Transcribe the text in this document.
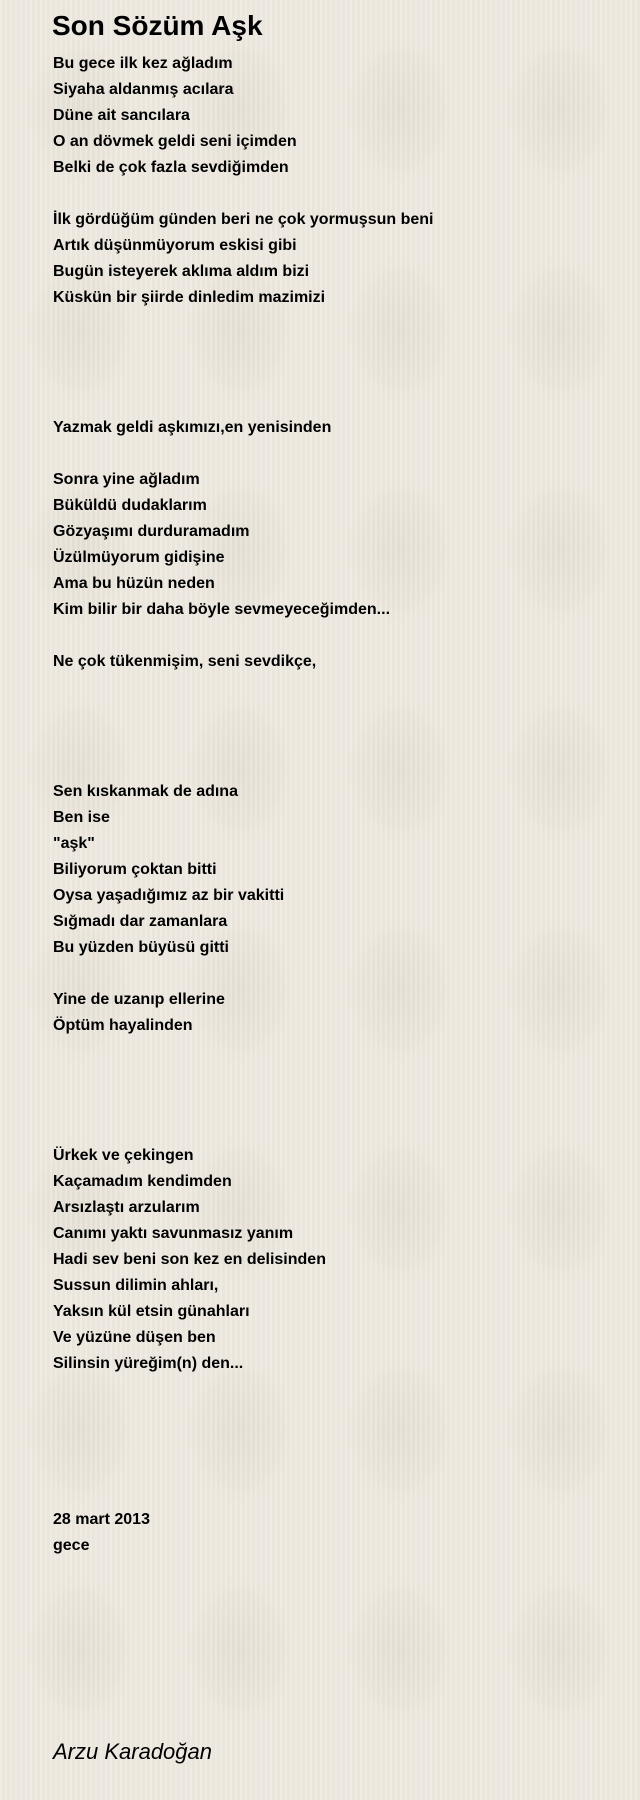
Son Sözüm Aşk
Bu gece ilk kez ağladım
Siyaha aldanmış acılara
Düne ait sancılara
O an dövmek geldi seni içimden
Belki de çok fazla sevdiğimden
İlk gördüğüm günden beri ne çok yormuşsun beni
Artık düşünmüyorum eskisi gibi
Bugün isteyerek aklıma aldım bizi
Küskün bir şiirde dinledim mazimizi
Yazmak geldi aşkımızı,en yenisinden
Sonra yine ağladım
Büküldü dudaklarım
Gözyaşımı durduramadım
Üzülmüyorum gidişine
Ama bu hüzün neden
Kim bilir bir daha böyle sevmeyeceğimden...
Ne çok tükenmişim, seni sevdikçe,
Sen kıskanmak de adına
Ben ise
"aşk"
Biliyorum çoktan bitti
Oysa yaşadığımız az bir vakitti
Sığmadı dar zamanlara
Bu yüzden büyüsü gitti
Yine de uzanıp ellerine
Öptüm hayalinden
Ürkek ve çekingen
Kaçamadım kendimden
Arsızlaştı arzularım
Canımı yaktı savunmasız yanım
Hadi sev beni son kez en delisinden
Sussun dilimin ahları,
Yaksın kül etsin günahları
Ve yüzüne düşen ben
Silinsin yüreğim(n) den...
28 mart 2013
gece
Arzu Karadoğan
